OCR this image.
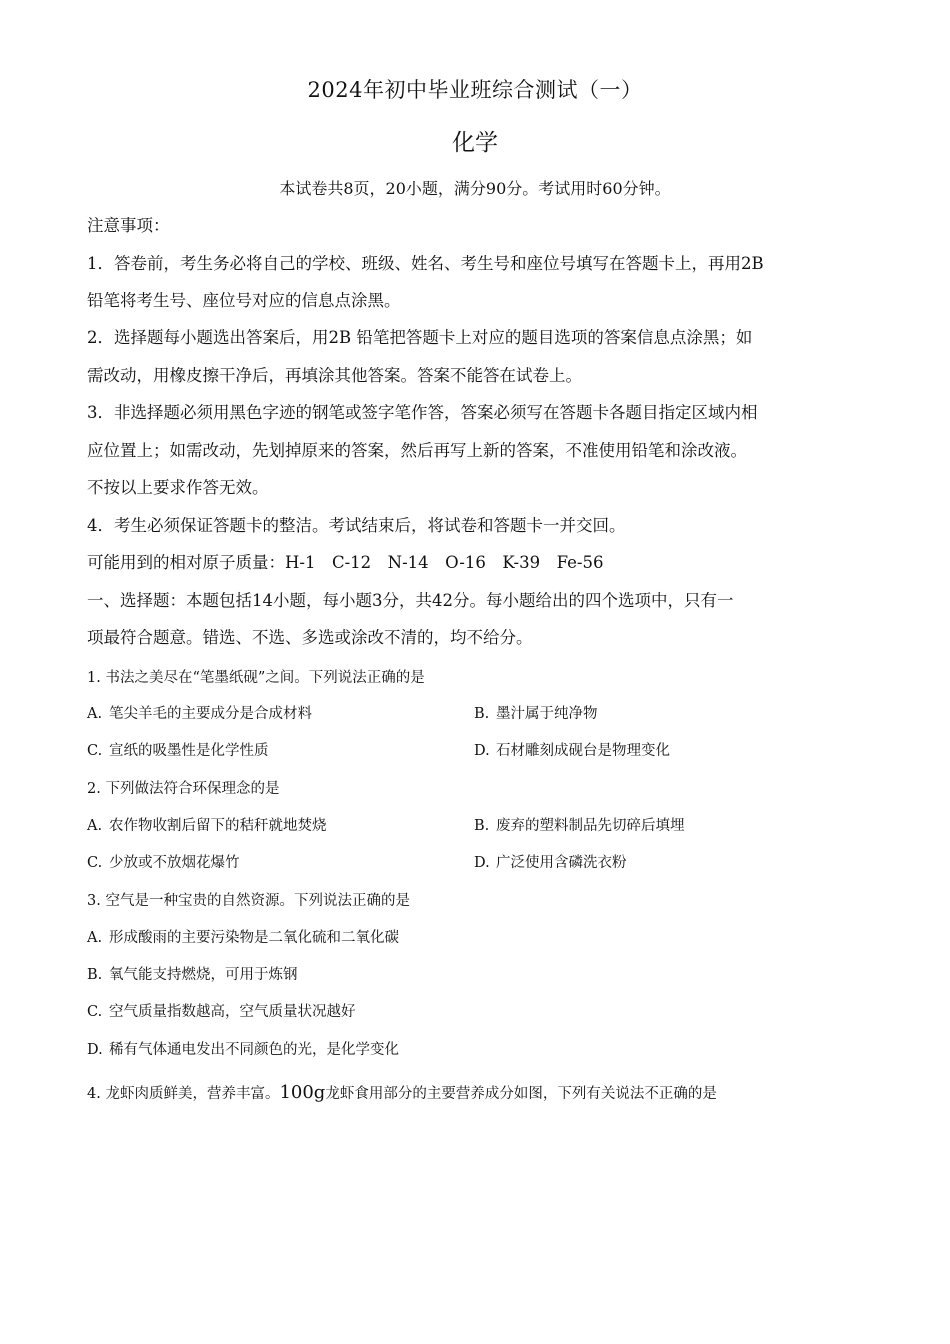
2024年初中毕业班综合测试（一）
化学
本试卷共8页，20小题，满分90分。考试用时60分钟。
注意事项：
1．答卷前，考生务必将自己的学校、班级、姓名、考生号和座位号填写在答题卡上，再用2B
铅笔将考生号、座位号对应的信息点涂黑。
2．选择题每小题选出答案后，用2B 铅笔把答题卡上对应的题目选项的答案信息点涂黑；如
需改动，用橡皮擦干净后，再填涂其他答案。答案不能答在试卷上。
3．非选择题必须用黑色字迹的钢笔或签字笔作答，答案必须写在答题卡各题目指定区域内相
应位置上；如需改动，先划掉原来的答案，然后再写上新的答案，不准使用铅笔和涂改液。
不按以上要求作答无效。
4．考生必须保证答题卡的整洁。考试结束后，将试卷和答题卡一并交回。
可能用到的相对原子质量：H-1　C-12　N-14　O-16　K-39　Fe-56
一、选择题：本题包括14小题，每小题3分，共42分。每小题给出的四个选项中，只有一
项最符合题意。错选、不选、多选或涂改不清的，均不给分。
1. 书法之美尽在“笔墨纸砚”之间。下列说法正确的是
A. 笔尖羊毛的主要成分是合成材料	B. 墨汁属于纯净物
C. 宣纸的吸墨性是化学性质	D. 石材雕刻成砚台是物理变化
2. 下列做法符合环保理念的是
A. 农作物收割后留下的秸秆就地焚烧	B. 废弃的塑料制品先切碎后填埋
C. 少放或不放烟花爆竹	D. 广泛使用含磷洗衣粉
3. 空气是一种宝贵的自然资源。下列说法正确的是
A. 形成酸雨的主要污染物是二氧化硫和二氧化碳
B. 氧气能支持燃烧，可用于炼钢
C. 空气质量指数越高，空气质量状况越好
D. 稀有气体通电发出不同颜色的光，是化学变化
4. 龙虾肉质鲜美，营养丰富。100g龙虾食用部分的主要营养成分如图，下列有关说法不正确的是
